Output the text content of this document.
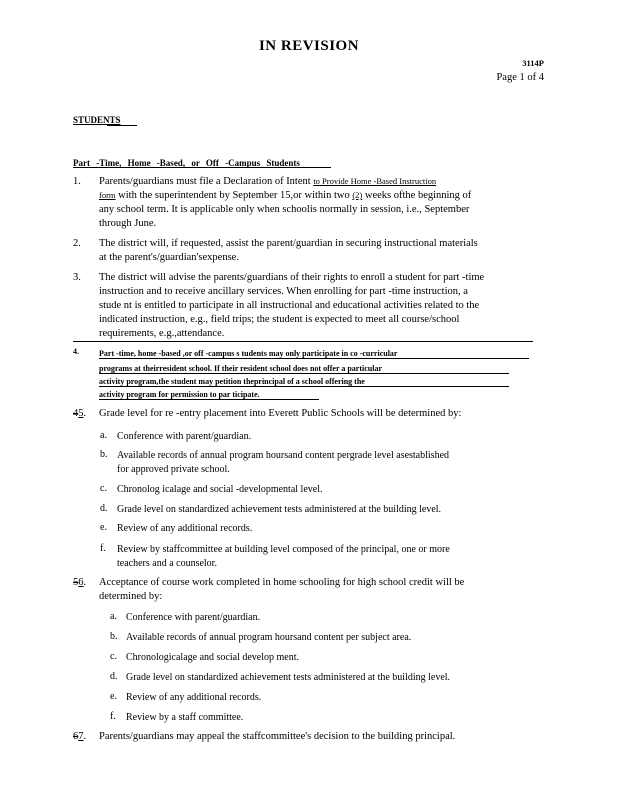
IN REVISION
3114P
Page 1 of 4
STUDENTS
Part -Time, Home -Based, or Off -Campus Students
1. Parents/guardians must file a Declaration of Intent to Provide Home -Based Instruction
form with the superintendent by September 15,or within two (2) weeks ofthe beginning of
any school term. It is applicable only when schoolis normally in session, i.e., September
through June.
2. The district will, if requested, assist the parent/guardian in securing instructional materials
at the parent's/guardian'sexpense.
3. The district will advise the parents/guardians of their rights to enroll a student for part -time
instruction and to receive ancillary services. When enrolling for part -time instruction, a
stude nt is entitled to participate in all instructional and educational activities related to the
indicated instruction, e.g., field trips; the student is expected to meet all course/school
requirements, e.g.,attendance.
4.	Part -time, home -based ,or off -campus s tudents may only participate in co -curricular
programs at theirresident school. If their resident school does not offer a particular
activity program,the student may petition theprincipal of a school offering the
activity program for permission to par ticipate.
45. Grade level for re -entry placement into Everett Public Schools will be determined by:
a. Conference with parent/guardian.
b. Available records of annual program hoursand content pergrade level asestablished
for approved private school.
c. Chronolog icalage and social -developmental level.
d. Grade level on standardized achievement tests administered at the building level.
e. Review of any additional records.
f. Review by staffcommittee at building level composed of the principal, one or more
teachers and a counselor.
56. Acceptance of course work completed in home schooling for high school credit will be
determined by:
a. Conference with parent/guardian.
b. Available records of annual program hoursand content per subject area.
c. Chronologicalage and social develop ment.
d. Grade level on standardized achievement tests administered at the building level.
e. Review of any additional records.
f. Review by a staff committee.
67. Parents/guardians may appeal the staffcommittee's decision to the building principal.
